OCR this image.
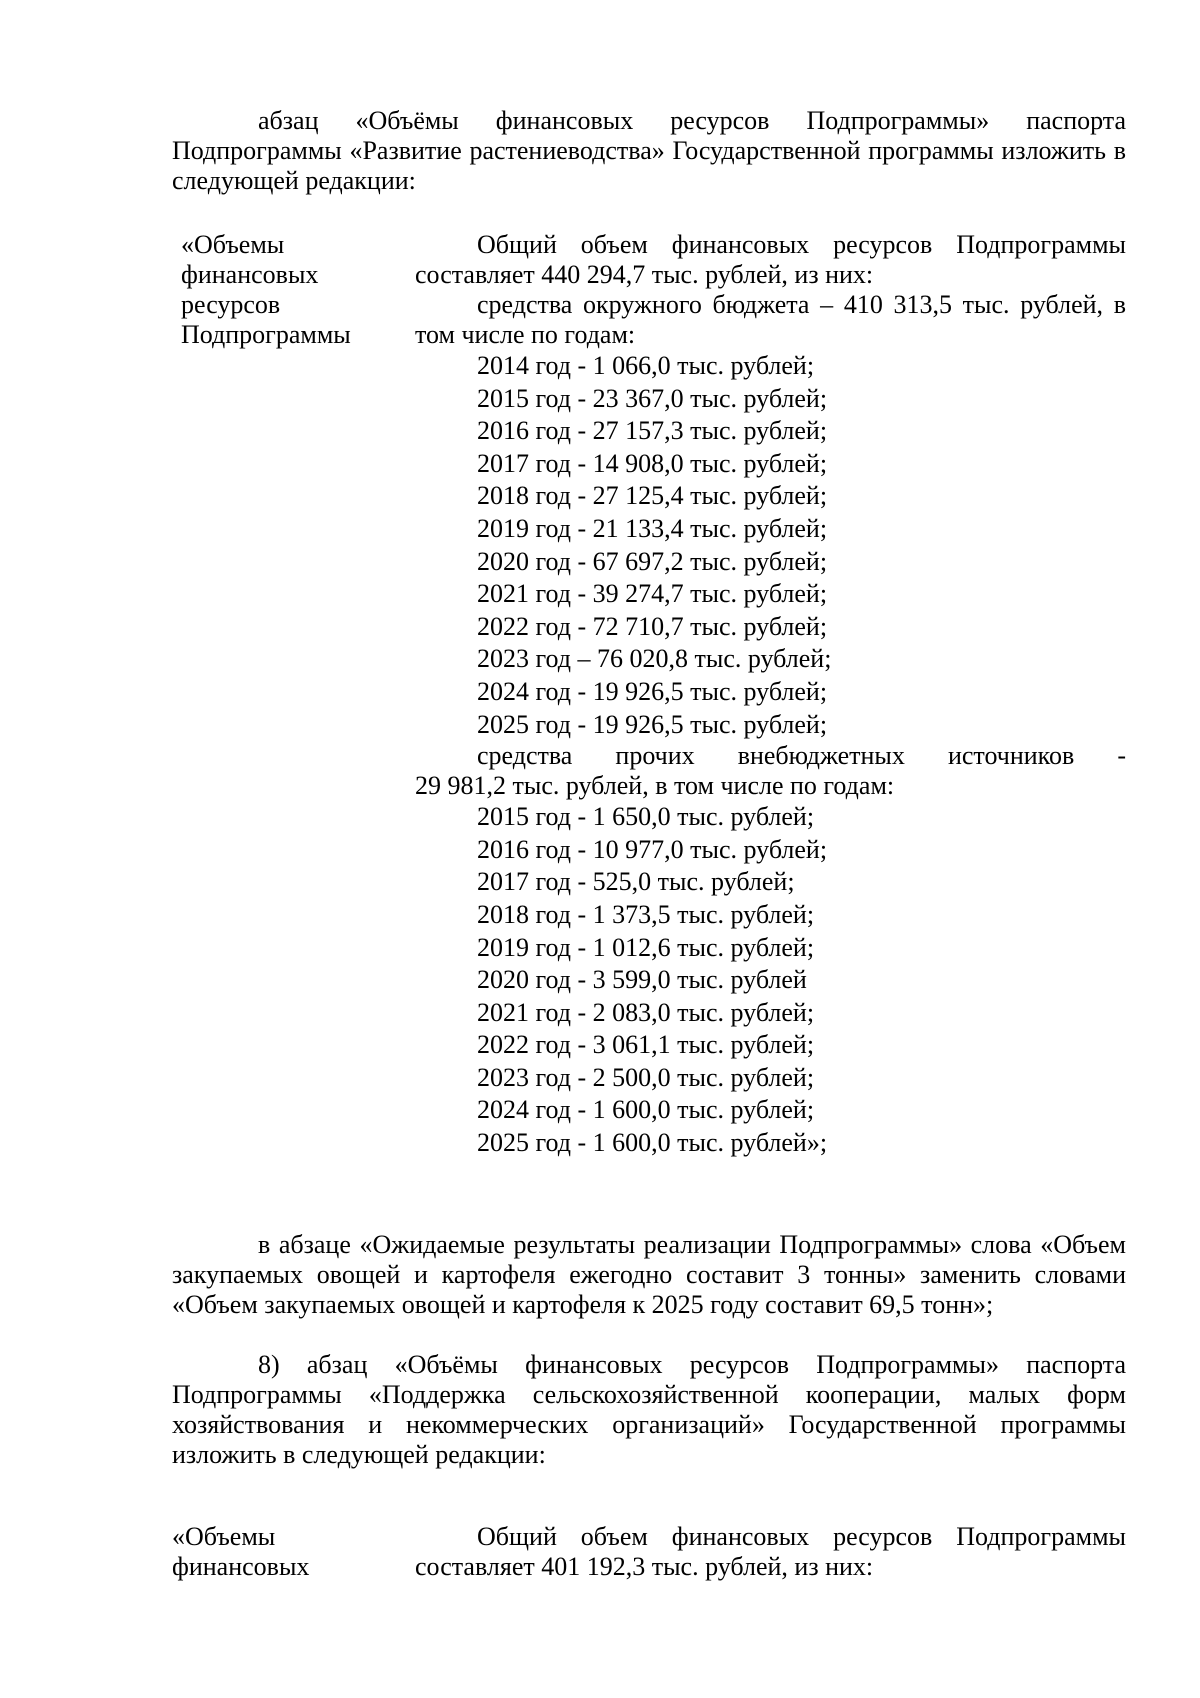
абзац «Объёмы финансовых ресурсов Подпрограммы» паспорта Подпрограммы «Развитие растениеводства» Государственной программы изложить в следующей редакции:
«Объемы
финансовых
ресурсов
Подпрограммы
Общий объем финансовых ресурсов Подпрограммы составляет 440 294,7 тыс. рублей, из них:
средства окружного бюджета – 410 313,5 тыс. рублей, в том числе по годам:
2014 год - 1 066,0 тыс. рублей;
2015 год - 23 367,0 тыс. рублей;
2016 год - 27 157,3 тыс. рублей;
2017 год - 14 908,0 тыс. рублей;
2018 год - 27 125,4 тыс. рублей;
2019 год - 21 133,4 тыс. рублей;
2020 год - 67 697,2 тыс. рублей;
2021 год - 39 274,7 тыс. рублей;
2022 год - 72 710,7 тыс. рублей;
2023 год – 76 020,8 тыс. рублей;
2024 год - 19 926,5 тыс. рублей;
2025 год - 19 926,5 тыс. рублей;
средства прочих внебюджетных источников -
29 981,2 тыс. рублей, в том числе по годам:
2015 год - 1 650,0 тыс. рублей;
2016 год - 10 977,0 тыс. рублей;
2017 год - 525,0 тыс. рублей;
2018 год - 1 373,5 тыс. рублей;
2019 год - 1 012,6 тыс. рублей;
2020 год - 3 599,0 тыс. рублей
2021 год - 2 083,0 тыс. рублей;
2022 год - 3 061,1 тыс. рублей;
2023 год - 2 500,0 тыс. рублей;
2024 год - 1 600,0 тыс. рублей;
2025 год - 1 600,0 тыс. рублей»;
в абзаце «Ожидаемые результаты реализации Подпрограммы» слова «Объем закупаемых овощей и картофеля ежегодно составит 3 тонны» заменить словами «Объем закупаемых овощей и картофеля к 2025 году составит 69,5 тонн»;
8) абзац «Объёмы финансовых ресурсов Подпрограммы» паспорта Подпрограммы «Поддержка сельскохозяйственной кооперации, малых форм хозяйствования и некоммерческих организаций» Государственной программы изложить в следующей редакции:
«Объемы
финансовых
Общий объем финансовых ресурсов Подпрограммы составляет 401 192,3 тыс. рублей, из них:
